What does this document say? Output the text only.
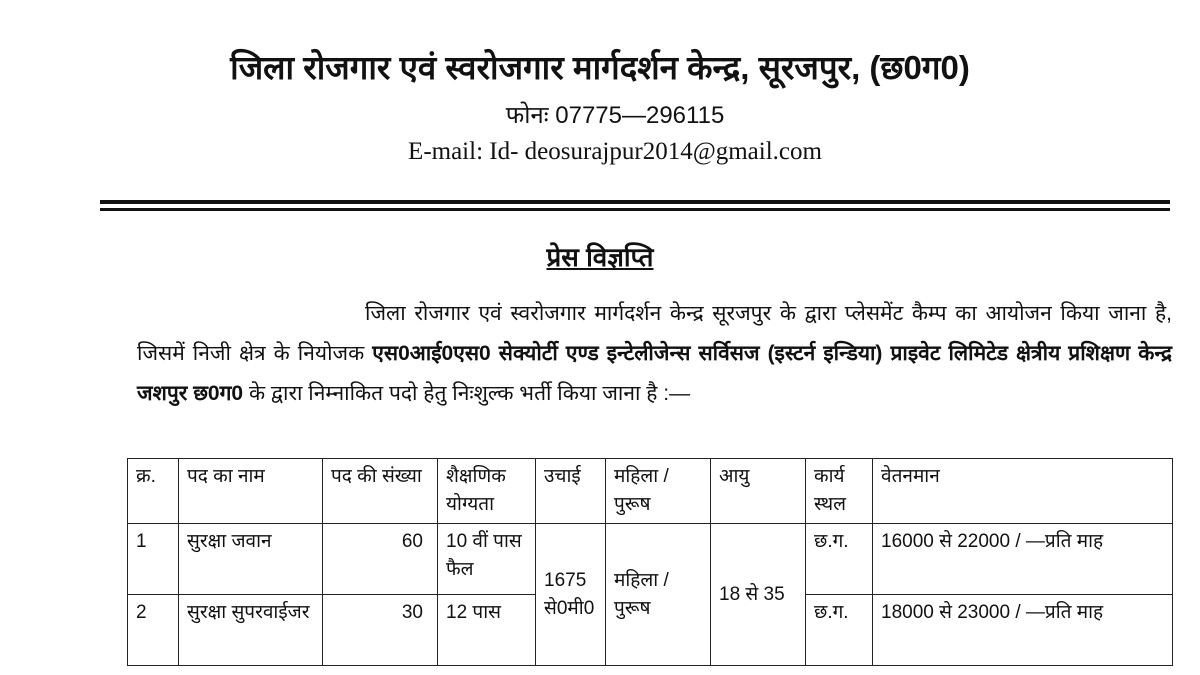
जिला रोजगार एवं स्वरोजगार मार्गदर्शन केन्द्र, सूरजपुर, (छ0ग0)
फोनः 07775—296115
E-mail: Id- deosurajpur2014@gmail.com
प्रेस विज्ञप्ति
जिला रोजगार एवं स्वरोजगार मार्गदर्शन केन्द्र सूरजपुर के द्वारा प्लेसमेंट कैम्प का आयोजन किया जाना है, जिसमें निजी क्षेत्र के नियोजक एस0आई0एस0 सेक्योर्टी एण्ड इन्टेलीजेन्स सर्विसज (इस्टर्न इन्डिया) प्राइवेट लिमिटेड क्षेत्रीय प्रशिक्षण केन्द्र जशपुर छ0ग0 के द्वारा निम्नाकित पदो हेतु निःशुल्क भर्ती किया जाना है :—
क्र.	पद का नाम	पद की संख्या	शैक्षणिक योग्यता	उचाई	महिला / पुरूष	आयु	कार्य स्थल	वेतनमान
1	सुरक्षा जवान	60	10 वीं पास फैल	1675 से0मी0	महिला / पुरूष	18 से 35	छ.ग.	16000 से 22000 / —प्रति माह
2	सुरक्षा सुपरवाईजर	30	12 पास				छ.ग.	18000 से 23000 / —प्रति माह
